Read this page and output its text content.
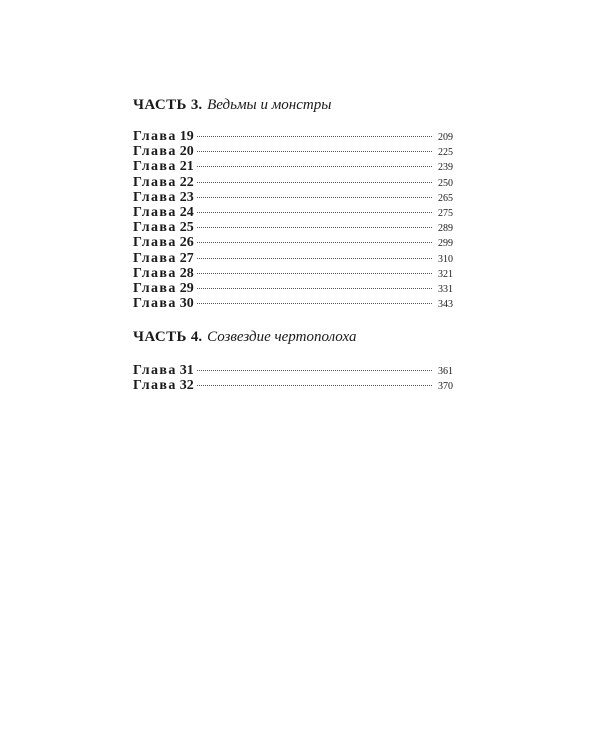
ЧАСТЬ 3. Ведьмы и монстры
Глава 19	209
Глава 20	225
Глава 21	239
Глава 22	250
Глава 23	265
Глава 24	275
Глава 25	289
Глава 26	299
Глава 27	310
Глава 28	321
Глава 29	331
Глава 30	343
ЧАСТЬ 4. Созвездие чертополоха
Глава 31	361
Глава 32	370
